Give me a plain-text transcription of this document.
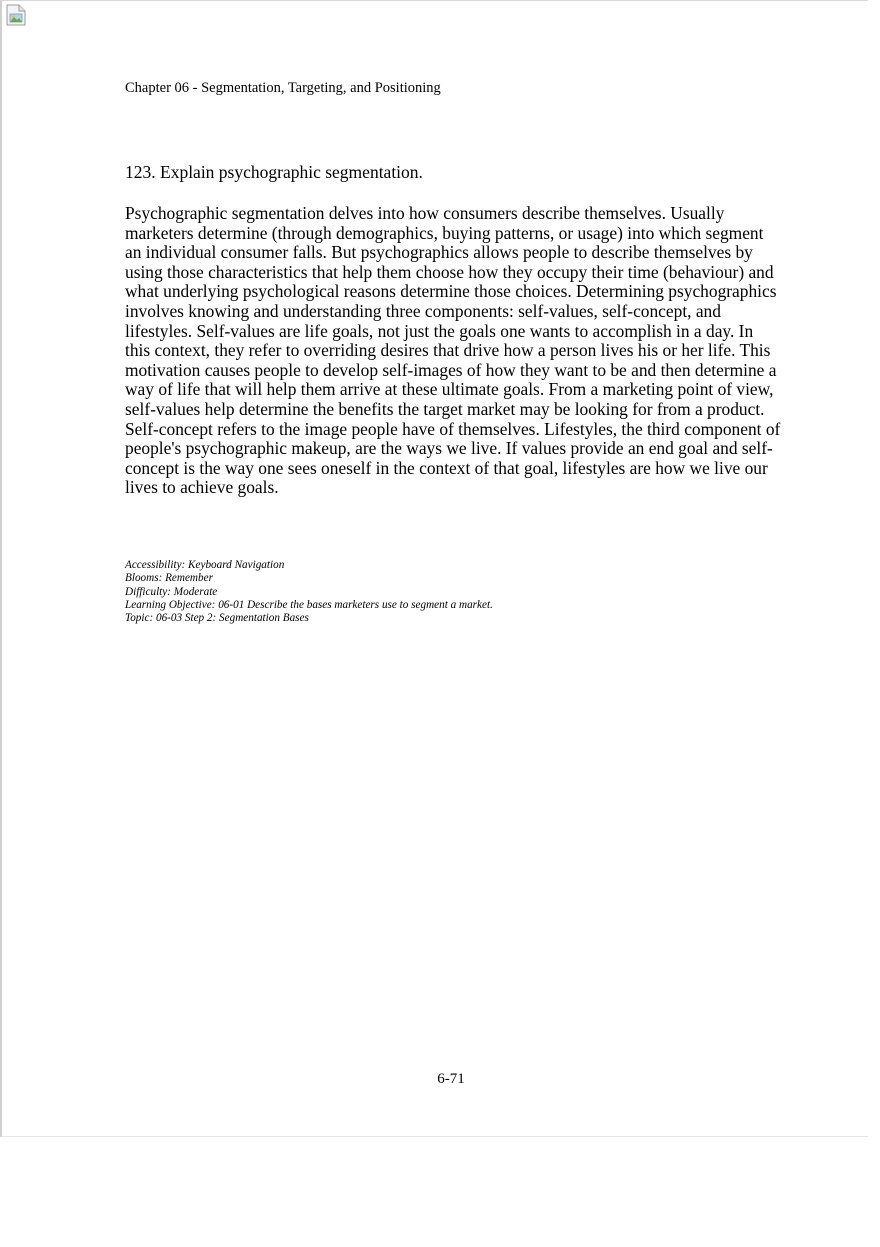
Chapter 06 - Segmentation, Targeting, and Positioning
123. Explain psychographic segmentation.
Psychographic segmentation delves into how consumers describe themselves. Usually
marketers determine (through demographics, buying patterns, or usage) into which segment
an individual consumer falls. But psychographics allows people to describe themselves by
using those characteristics that help them choose how they occupy their time (behaviour) and
what underlying psychological reasons determine those choices. Determining psychographics
involves knowing and understanding three components: self-values, self-concept, and
lifestyles. Self-values are life goals, not just the goals one wants to accomplish in a day. In
this context, they refer to overriding desires that drive how a person lives his or her life. This
motivation causes people to develop self-images of how they want to be and then determine a
way of life that will help them arrive at these ultimate goals. From a marketing point of view,
self-values help determine the benefits the target market may be looking for from a product.
Self-concept refers to the image people have of themselves. Lifestyles, the third component of
people's psychographic makeup, are the ways we live. If values provide an end goal and self-
concept is the way one sees oneself in the context of that goal, lifestyles are how we live our
lives to achieve goals.
Accessibility: Keyboard Navigation
Blooms: Remember
Difficulty: Moderate
Learning Objective: 06-01 Describe the bases marketers use to segment a market.
Topic: 06-03 Step 2: Segmentation Bases
6-71
